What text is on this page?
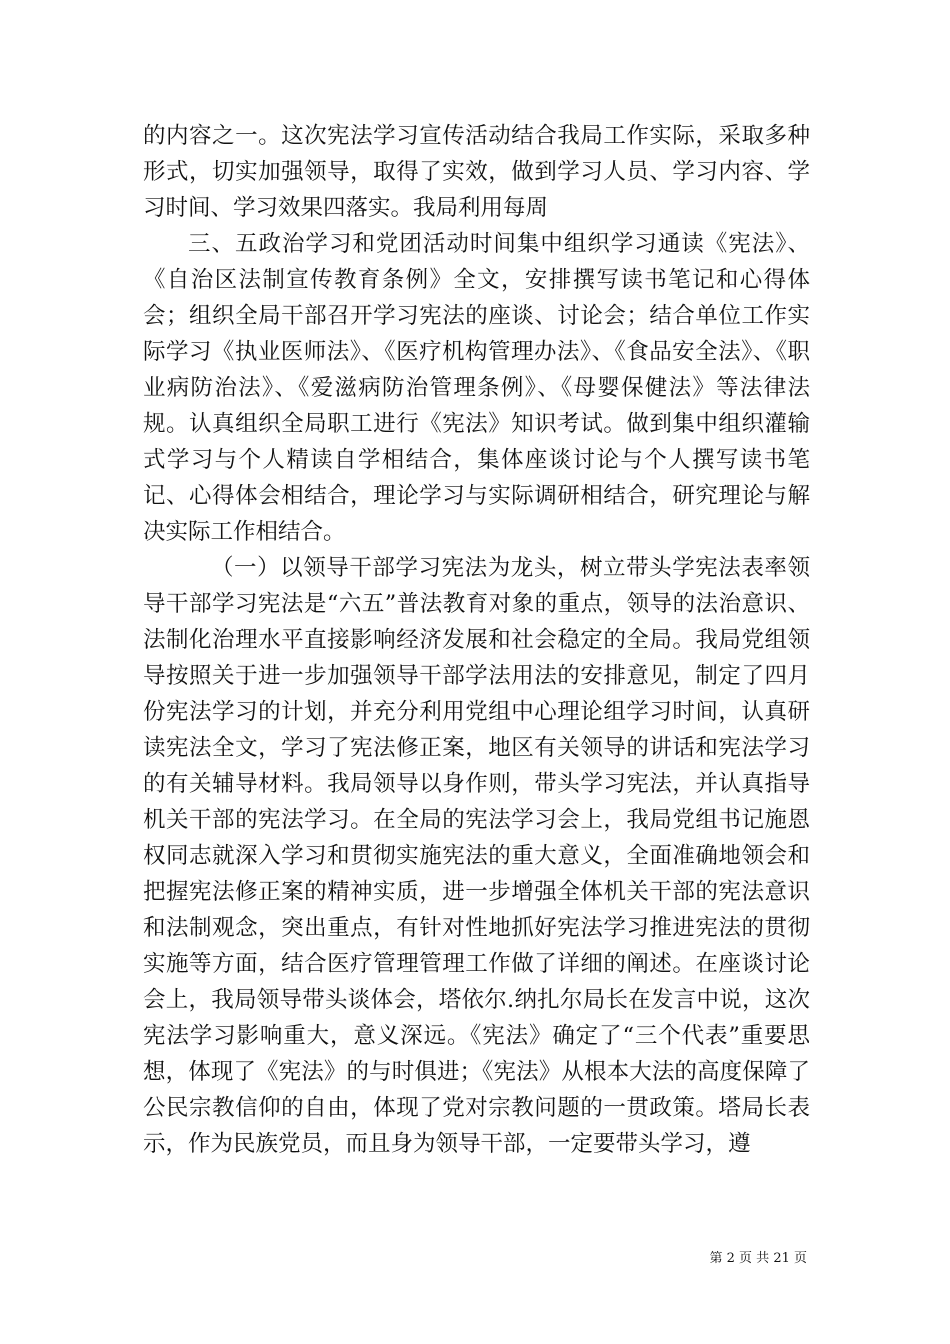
的内容之一。这次宪法学习宣传活动结合我局工作实际，采取多种形式，切实加强领导，取得了实效，做到学习人员、学习内容、学习时间、学习效果四落实。我局利用每周

三、五政治学习和党团活动时间集中组织学习通读《宪法》、《自治区法制宣传教育条例》全文，安排撰写读书笔记和心得体会；组织全局干部召开学习宪法的座谈、讨论会；结合单位工作实际学习《执业医师法》、《医疗机构管理办法》、《食品安全法》、《职业病防治法》、《爱滋病防治管理条例》、《母婴保健法》等法律法规。认真组织全局职工进行《宪法》知识考试。做到集中组织灌输式学习与个人精读自学相结合，集体座谈讨论与个人撰写读书笔记、心得体会相结合，理论学习与实际调研相结合，研究理论与解决实际工作相结合。

（一）以领导干部学习宪法为龙头，树立带头学宪法表率领导干部学习宪法是“六五”普法教育对象的重点，领导的法治意识、法制化治理水平直接影响经济发展和社会稳定的全局。我局党组领导按照关于进一步加强领导干部学法用法的安排意见，制定了四月份宪法学习的计划，并充分利用党组中心理论组学习时间，认真研读宪法全文，学习了宪法修正案，地区有关领导的讲话和宪法学习的有关辅导材料。我局领导以身作则，带头学习宪法，并认真指导机关干部的宪法学习。在全局的宪法学习会上，我局党组书记施恩权同志就深入学习和贯彻实施宪法的重大意义，全面准确地领会和把握宪法修正案的精神实质，进一步增强全体机关干部的宪法意识和法制观念，突出重点，有针对性地抓好宪法学习推进宪法的贯彻实施等方面，结合医疗管理管理工作做了详细的阐述。在座谈讨论会上，我局领导带头谈体会，塔依尔.纳扎尔局长在发言中说，这次宪法学习影响重大，意义深远。《宪法》确定了“三个代表”重要思想，体现了《宪法》的与时俱进；《宪法》从根本大法的高度保障了公民宗教信仰的自由，体现了党对宗教问题的一贯政策。塔局长表示，作为民族党员，而且身为领导干部，一定要带头学习，遵

第 2 页 共 21 页
